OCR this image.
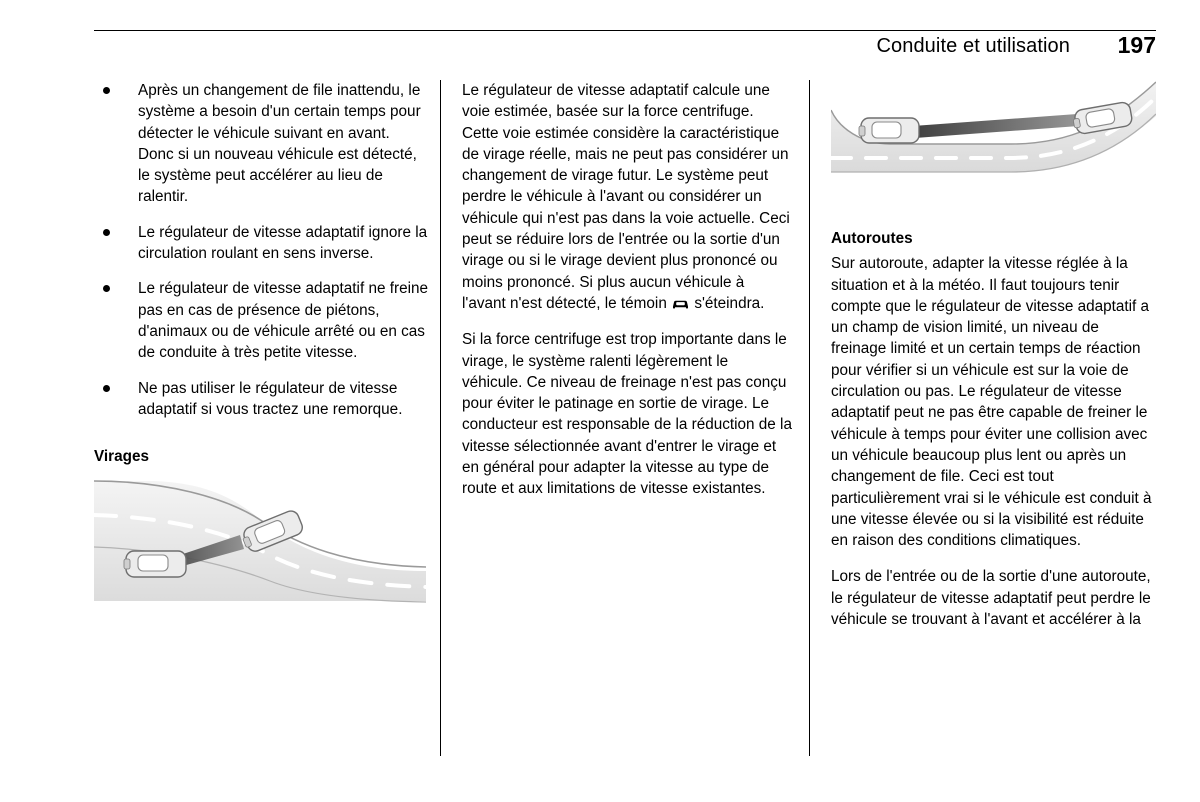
Conduite et utilisation 197
Après un changement de file inattendu, le système a besoin d'un certain temps pour détecter le véhicule suivant en avant. Donc si un nouveau véhicule est détecté, le système peut accélérer au lieu de ralentir.
Le régulateur de vitesse adaptatif ignore la circulation roulant en sens inverse.
Le régulateur de vitesse adaptatif ne freine pas en cas de présence de piétons, d'animaux ou de véhicule arrêté ou en cas de conduite à très petite vitesse.
Ne pas utiliser le régulateur de vitesse adaptatif si vous tractez une remorque.
Virages

Le régulateur de vitesse adaptatif calcule une voie estimée, basée sur la force centrifuge. Cette voie estimée considère la caractéristique de virage réelle, mais ne peut pas considérer un changement de virage futur. Le système peut perdre le véhicule à l'avant ou considérer un véhicule qui n'est pas dans la voie actuelle. Ceci peut se réduire lors de l'entrée ou la sortie d'un virage ou si le virage devient plus prononcé ou moins prononcé. Si plus aucun véhicule à l'avant n'est détecté, le témoin s'éteindra.

Si la force centrifuge est trop importante dans le virage, le système ralenti légèrement le véhicule. Ce niveau de freinage n'est pas conçu pour éviter le patinage en sortie de virage. Le conducteur est responsable de la réduction de la vitesse sélectionnée avant d'entrer le virage et en général pour adapter la vitesse au type de route et aux limitations de vitesse existantes.

Autoroutes

Sur autoroute, adapter la vitesse réglée à la situation et à la météo. Il faut toujours tenir compte que le régulateur de vitesse adaptatif a un champ de vision limité, un niveau de freinage limité et un certain temps de réaction pour vérifier si un véhicule est sur la voie de circulation ou pas. Le régulateur de vitesse adaptatif peut ne pas être capable de freiner le véhicule à temps pour éviter une collision avec un véhicule beaucoup plus lent ou après un changement de file. Ceci est tout particulièrement vrai si le véhicule est conduit à une vitesse élevée ou si la visibilité est réduite en raison des conditions climatiques.

Lors de l'entrée ou de la sortie d'une autoroute, le régulateur de vitesse adaptatif peut perdre le véhicule se trouvant à l'avant et accélérer à la
